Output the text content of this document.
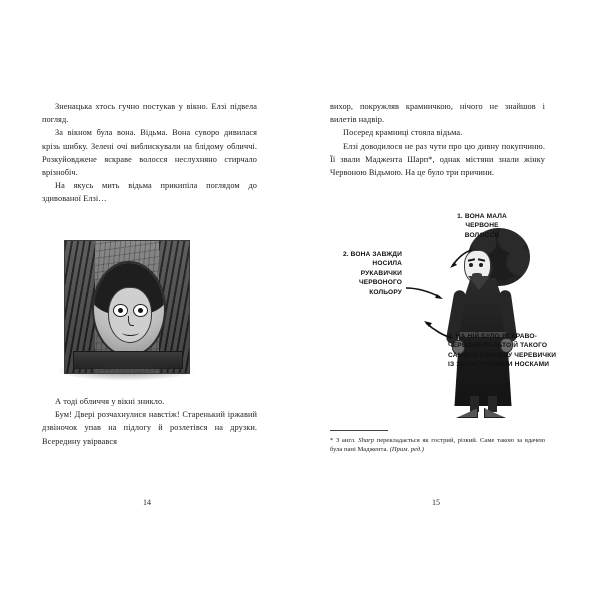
Зненацька хтось гучно постукав у вікно. Елзі підвела погляд.

За вікном була вона. Відьма. Вона суворо дивилася крізь шибку. Зелені очі виблискували на блідому обличчі. Розкуйовджене яскраве волосся неслухняно стирчало врізнобіч.

На якусь мить відьма прикипіла поглядом до здивованої Елзі…

А тоді обличчя у вікні зникло.

Бум! Двері розчахнулися навстіж! Старенький іржавий дзвіночок упав на підлогу й розлетівся на друзки. Всередину увірвався

14

вихор, покружляв крамничкою, нічого не знайшов і вилетів надвір.

Посеред крамниці стояла відьма.

Елзі доводилося не раз чути про цю дивну покупчиню. Її звали Маджента Шарп*, однак містяни знали жінку Червоною Відьмою. На це було три причини.

1. ВОНА МАЛА ЧЕРВОНЕ ВОЛОССЯ
2. ВОНА ЗАВЖДИ НОСИЛА РУКАВИЧКИ ЧЕРВОНОГО КОЛЬОРУ
3. НА НІЙ БУЛО ЯСКРАВО-ЧЕРВОНЕ ПАЛЬТО Й ТАКОГО САМОГО КОЛЬОРУ ЧЕРЕВИЧКИ ІЗ ЗАГОСТРЕНИМИ НОСКАМИ
* З англ. Sharp перекладається як гострий, різкий. Саме такою за вдачею була пані Маджента. (Прим. ред.)
15
